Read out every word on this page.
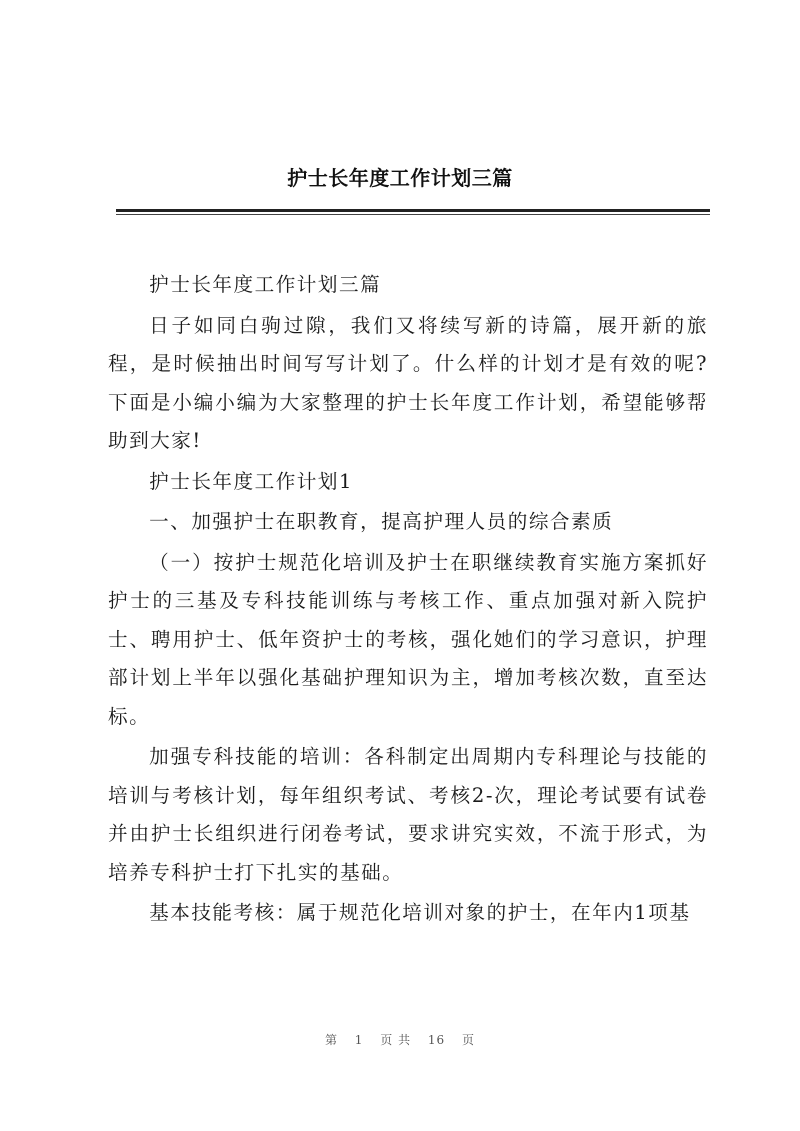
护士长年度工作计划三篇

护士长年度工作计划三篇

日子如同白驹过隙，我们又将续写新的诗篇，展开新的旅程，是时候抽出时间写写计划了。什么样的计划才是有效的呢?下面是小编小编为大家整理的护士长年度工作计划，希望能够帮助到大家!

护士长年度工作计划1

一、加强护士在职教育，提高护理人员的综合素质

（一）按护士规范化培训及护士在职继续教育实施方案抓好护士的三基及专科技能训练与考核工作、重点加强对新入院护士、聘用护士、低年资护士的考核，强化她们的学习意识，护理部计划上半年以强化基础护理知识为主，增加考核次数，直至达标。

加强专科技能的培训：各科制定出周期内专科理论与技能的培训与考核计划，每年组织考试、考核2-次，理论考试要有试卷并由护士长组织进行闭卷考试，要求讲究实效，不流于形式，为培养专科护士打下扎实的基础。

基本技能考核：属于规范化培训对象的护士，在年内1项基

第 1 页 共 16 页
